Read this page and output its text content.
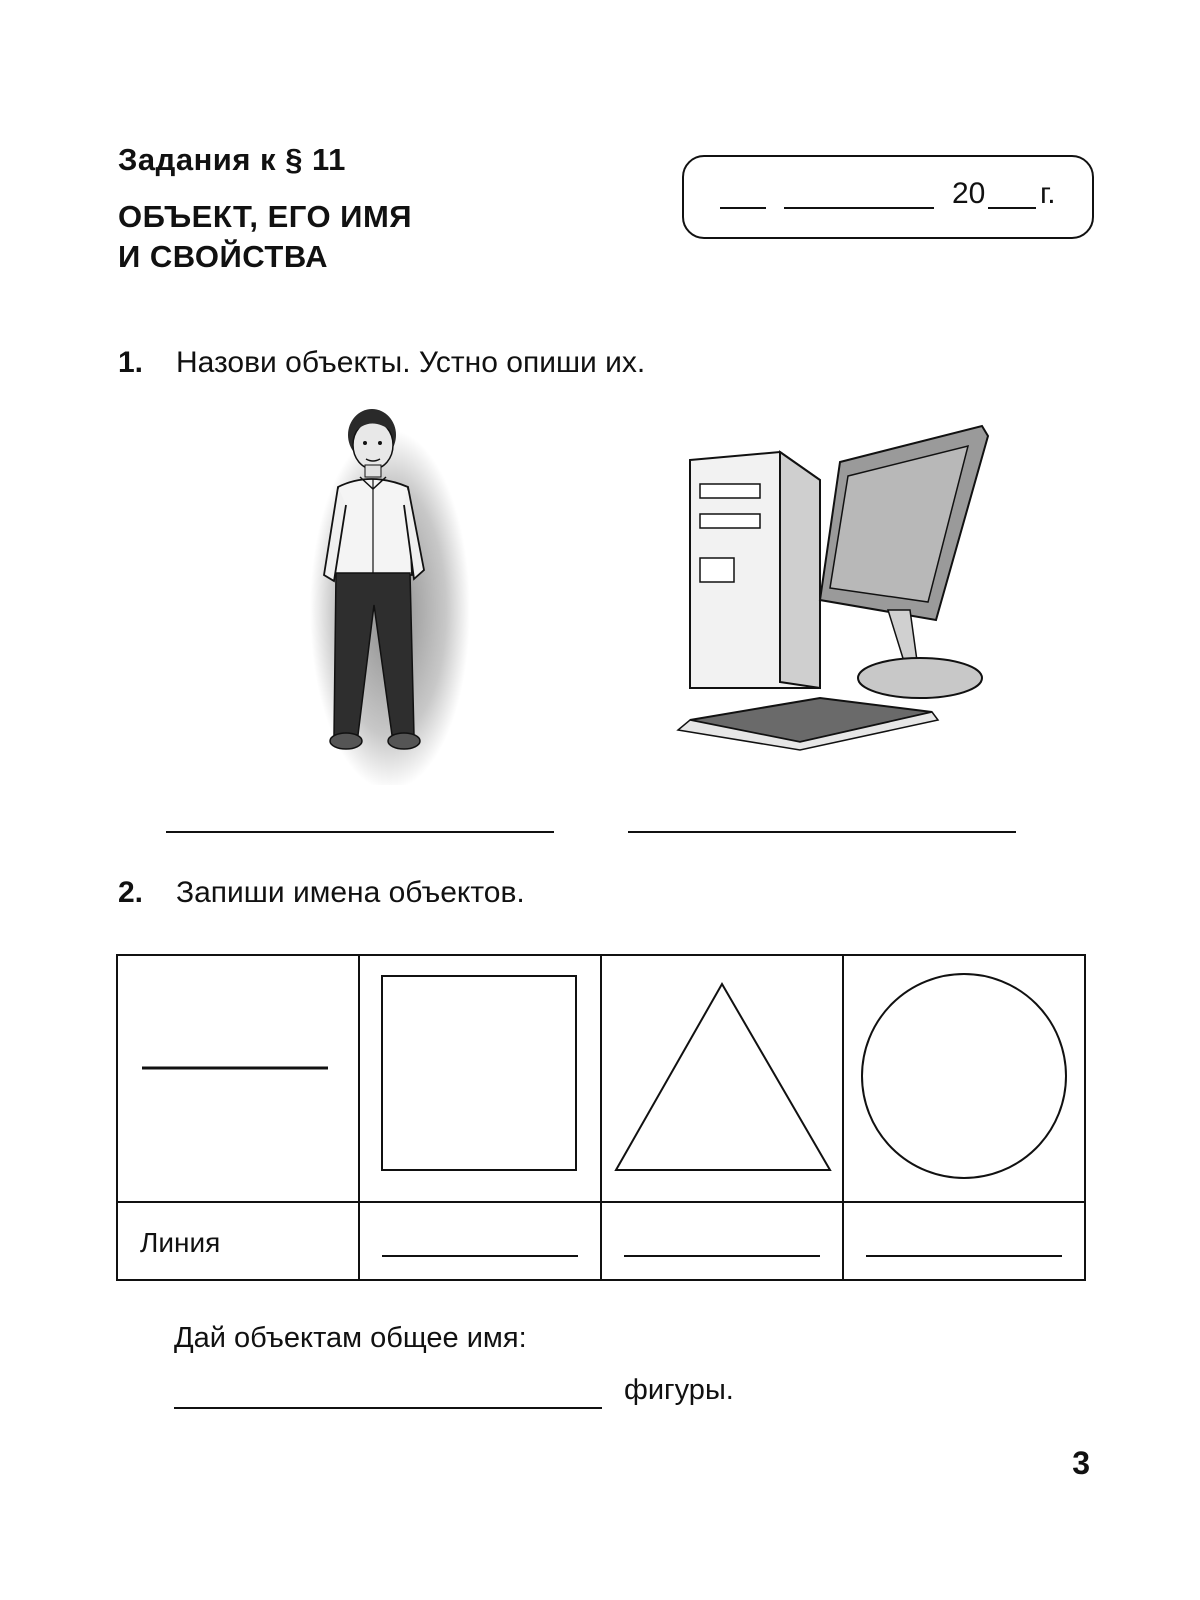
Задания к § 11
ОБЪЕКТ, ЕГО ИМЯ
И СВОЙСТВА
20 г.
1. Назови объекты. Устно опиши их.
2. Запиши имена объектов.

Линия			

Дай объектам общее имя:
фигуры.
3
